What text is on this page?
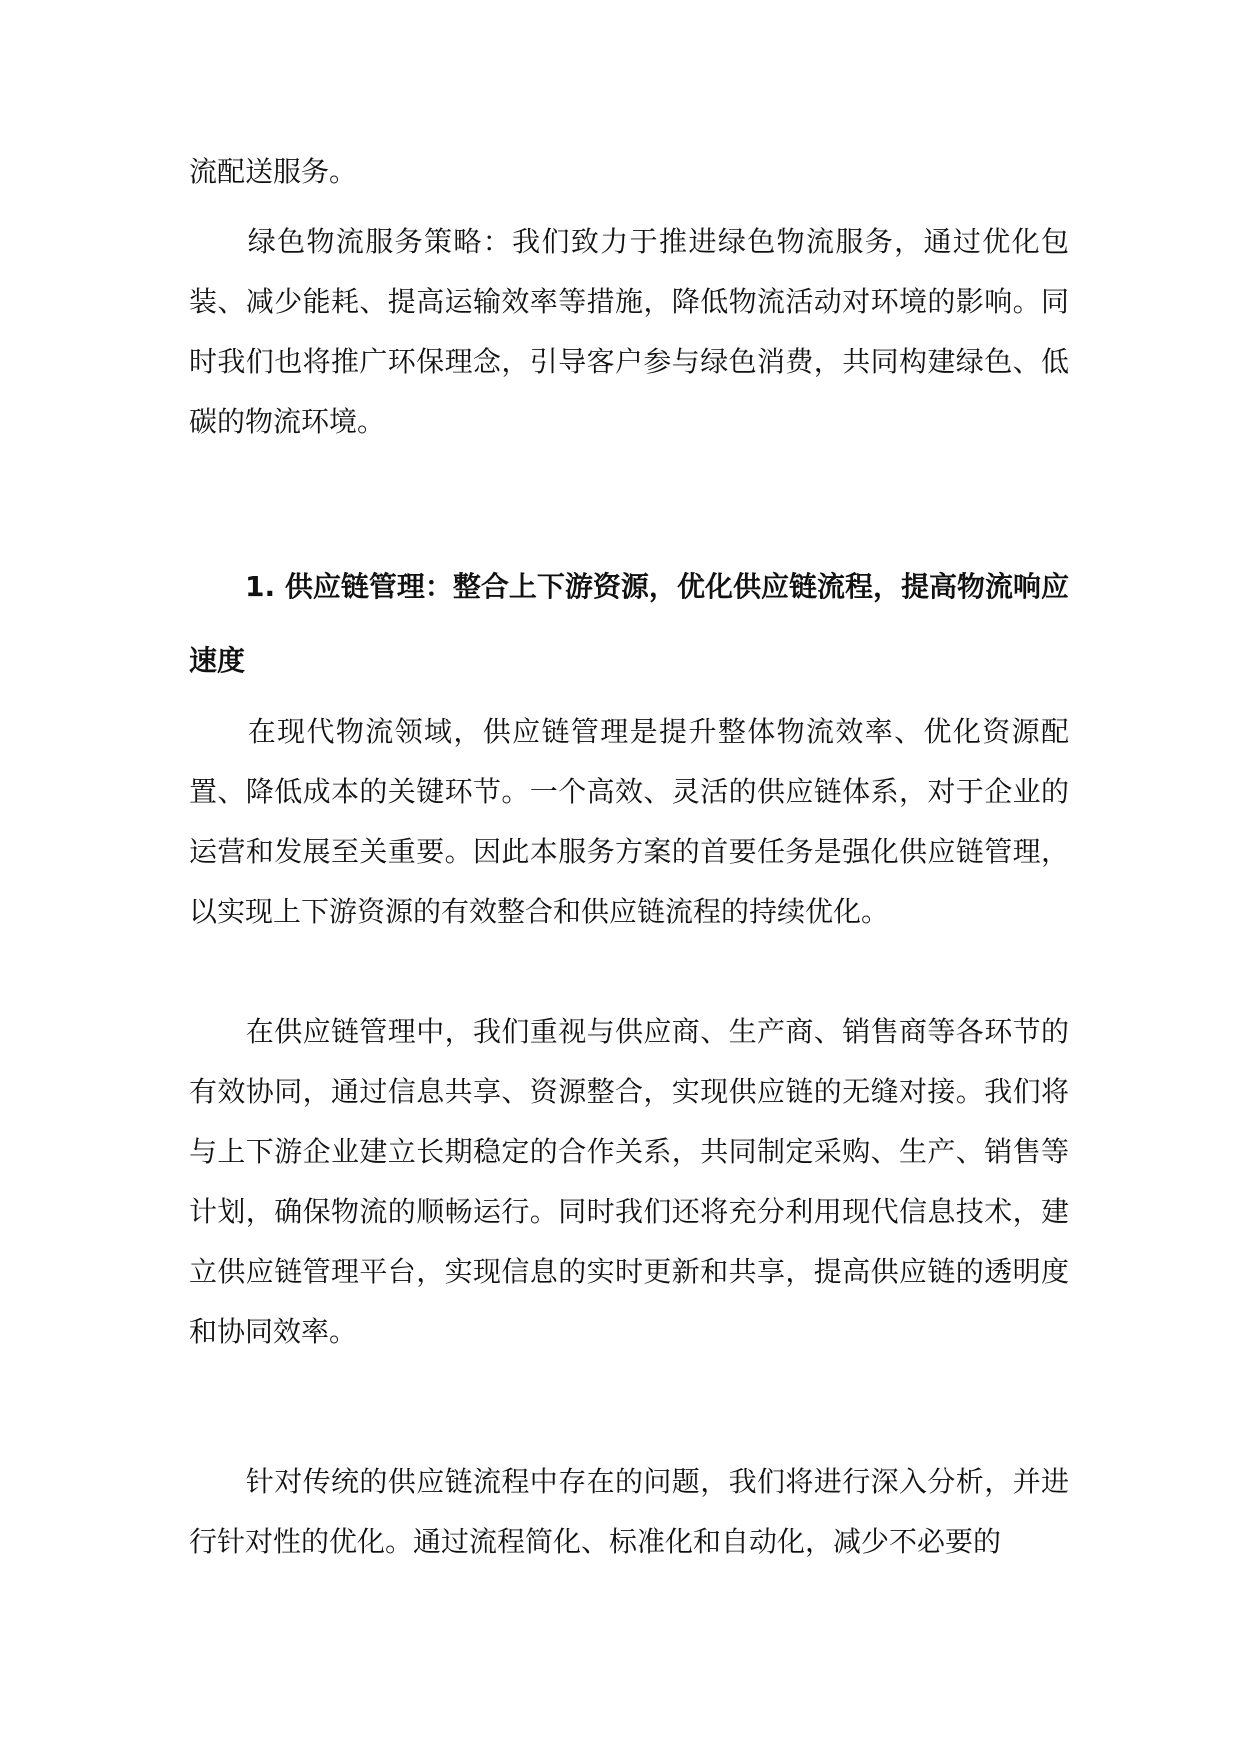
流配送服务。

　　绿色物流服务策略：我们致力于推进绿色物流服务，通过优化包装、减少能耗、提高运输效率等措施，降低物流活动对环境的影响。同时我们也将推广环保理念，引导客户参与绿色消费，共同构建绿色、低碳的物流环境。

　　1. 供应链管理：整合上下游资源，优化供应链流程，提高物流响应速度

　　在现代物流领域，供应链管理是提升整体物流效率、优化资源配置、降低成本的关键环节。一个高效、灵活的供应链体系，对于企业的运营和发展至关重要。因此本服务方案的首要任务是强化供应链管理，以实现上下游资源的有效整合和供应链流程的持续优化。

　　在供应链管理中，我们重视与供应商、生产商、销售商等各环节的有效协同，通过信息共享、资源整合，实现供应链的无缝对接。我们将与上下游企业建立长期稳定的合作关系，共同制定采购、生产、销售等计划，确保物流的顺畅运行。同时我们还将充分利用现代信息技术，建立供应链管理平台，实现信息的实时更新和共享，提高供应链的透明度和协同效率。

　　针对传统的供应链流程中存在的问题，我们将进行深入分析，并进行针对性的优化。通过流程简化、标准化和自动化，减少不必要的
